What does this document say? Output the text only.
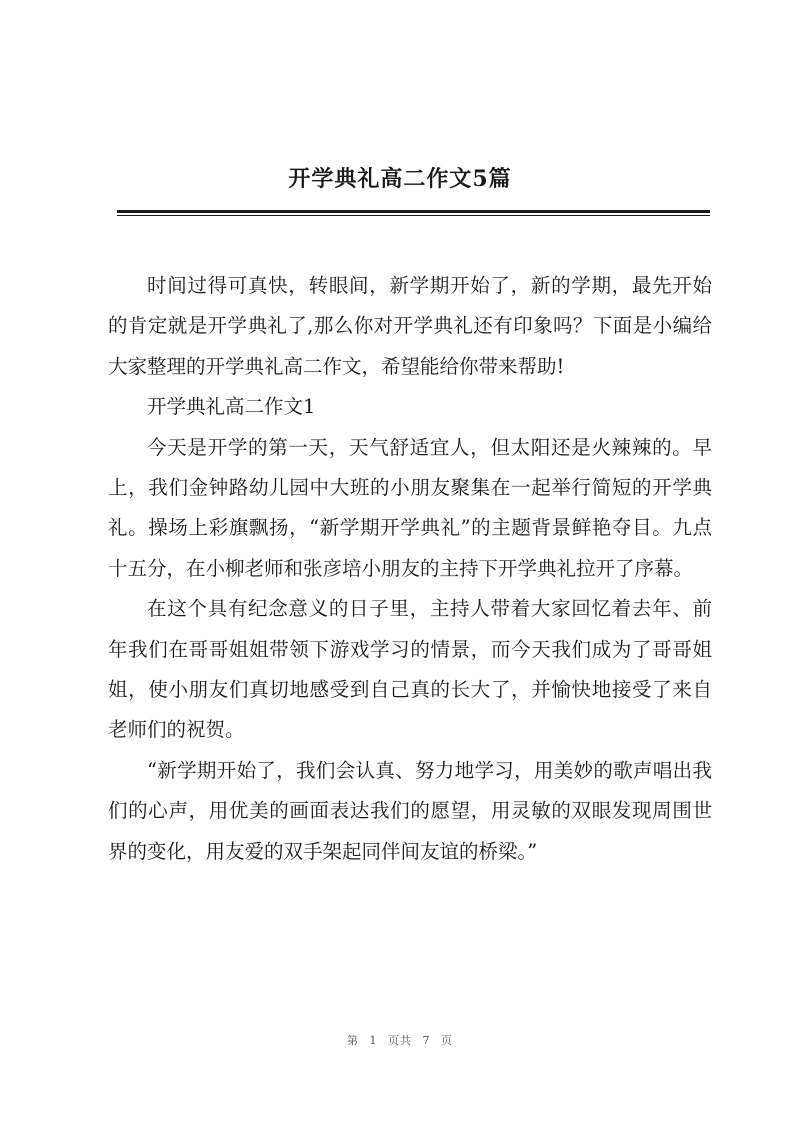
开学典礼高二作文5篇

时间过得可真快，转眼间，新学期开始了，新的学期，最先开始的肯定就是开学典礼了,那么你对开学典礼还有印象吗？下面是小编给大家整理的开学典礼高二作文，希望能给你带来帮助!

开学典礼高二作文1

今天是开学的第一天，天气舒适宜人，但太阳还是火辣辣的。早上，我们金钟路幼儿园中大班的小朋友聚集在一起举行简短的开学典礼。操场上彩旗飘扬，“新学期开学典礼”的主题背景鲜艳夺目。九点十五分，在小柳老师和张彦培小朋友的主持下开学典礼拉开了序幕。

在这个具有纪念意义的日子里，主持人带着大家回忆着去年、前年我们在哥哥姐姐带领下游戏学习的情景，而今天我们成为了哥哥姐姐，使小朋友们真切地感受到自己真的长大了，并愉快地接受了来自老师们的祝贺。

“新学期开始了，我们会认真、努力地学习，用美妙的歌声唱出我们的心声，用优美的画面表达我们的愿望，用灵敏的双眼发现周围世界的变化，用友爱的双手架起同伴间友谊的桥梁。”

第 1 页共 7 页
